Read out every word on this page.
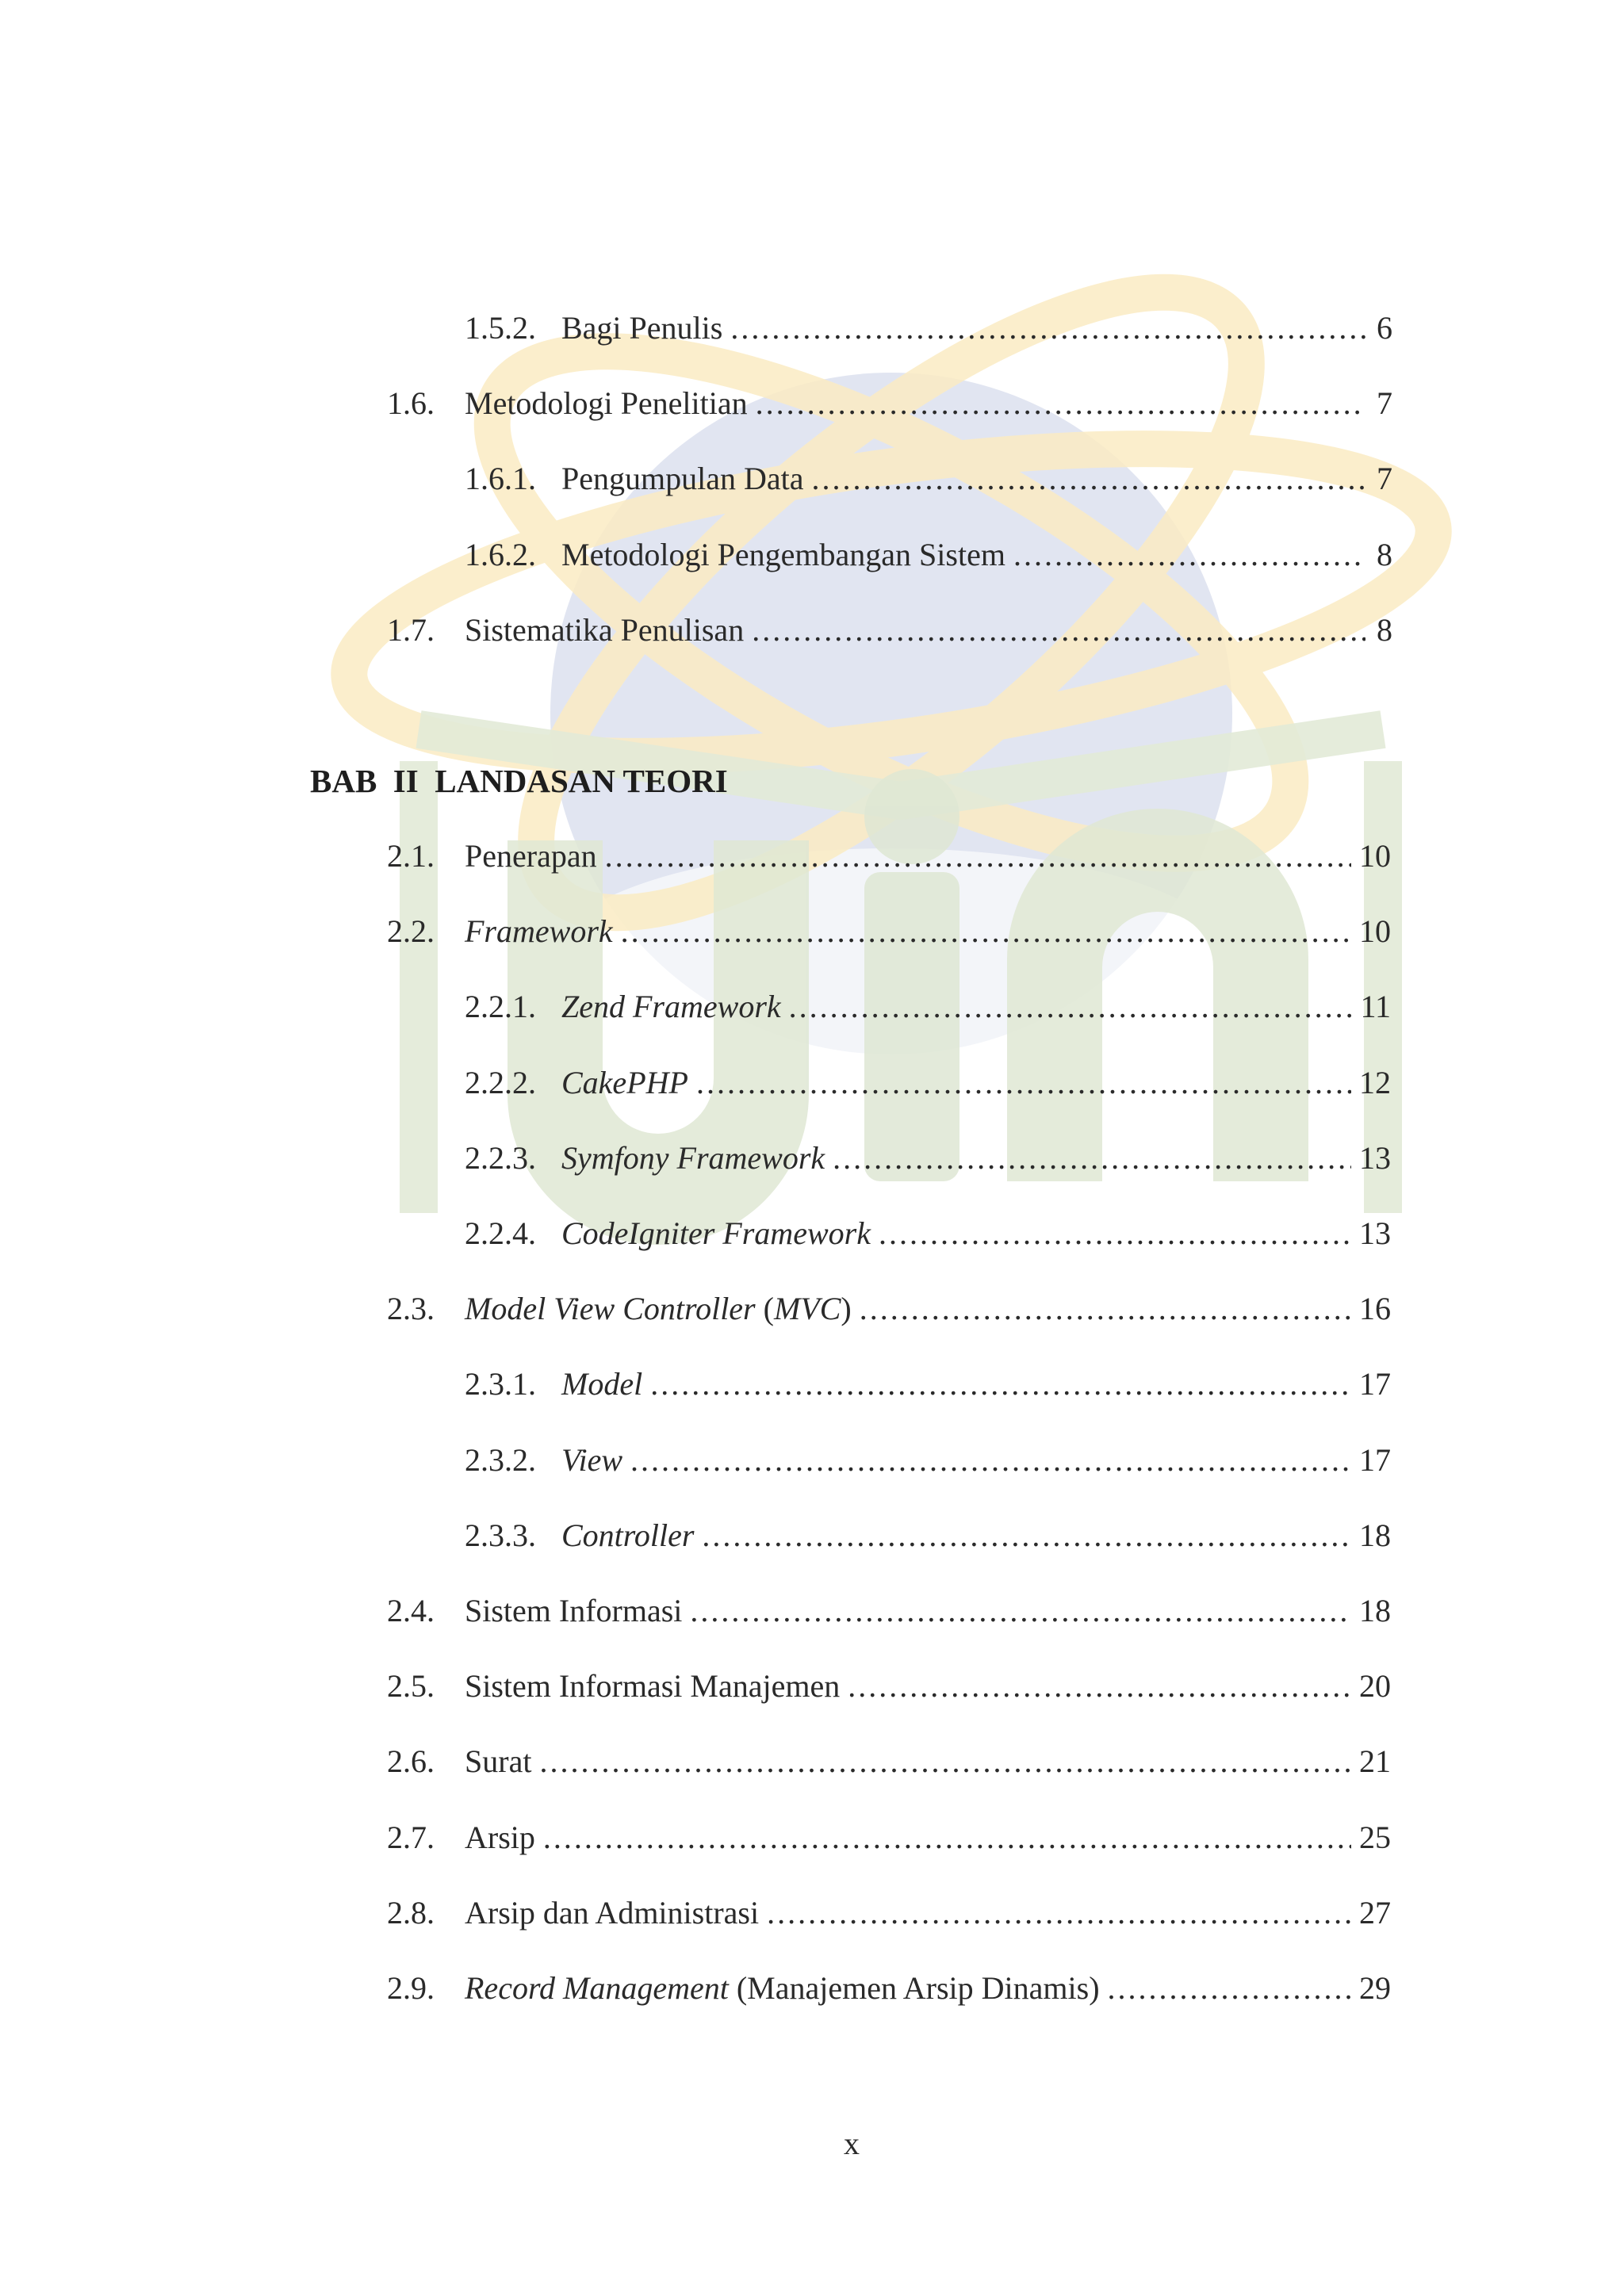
1.5.2. Bagi Penulis .....	6
1.6. Metodologi Penelitian .....	7
1.6.1. Pengumpulan Data .....	7
1.6.2. Metodologi Pengembangan Sistem .....	8
1.7. Sistematika Penulisan .....	8
BAB  II  LANDASAN TEORI
2.1. Penerapan .....	10
2.2. Framework .....	10
2.2.1. Zend Framework .....	11
2.2.2. CakePHP .....	12
2.2.3. Symfony Framework .....	13
2.2.4. CodeIgniter Framework .....	13
2.3. Model View Controller (MVC) .....	16
2.3.1. Model .....	17
2.3.2. View .....	17
2.3.3. Controller .....	18
2.4. Sistem Informasi .....	18
2.5. Sistem Informasi Manajemen .....	20
2.6. Surat .....	21
2.7. Arsip .....	25
2.8. Arsip dan Administrasi .....	27
2.9. Record Management (Manajemen Arsip Dinamis) .....	29
x
